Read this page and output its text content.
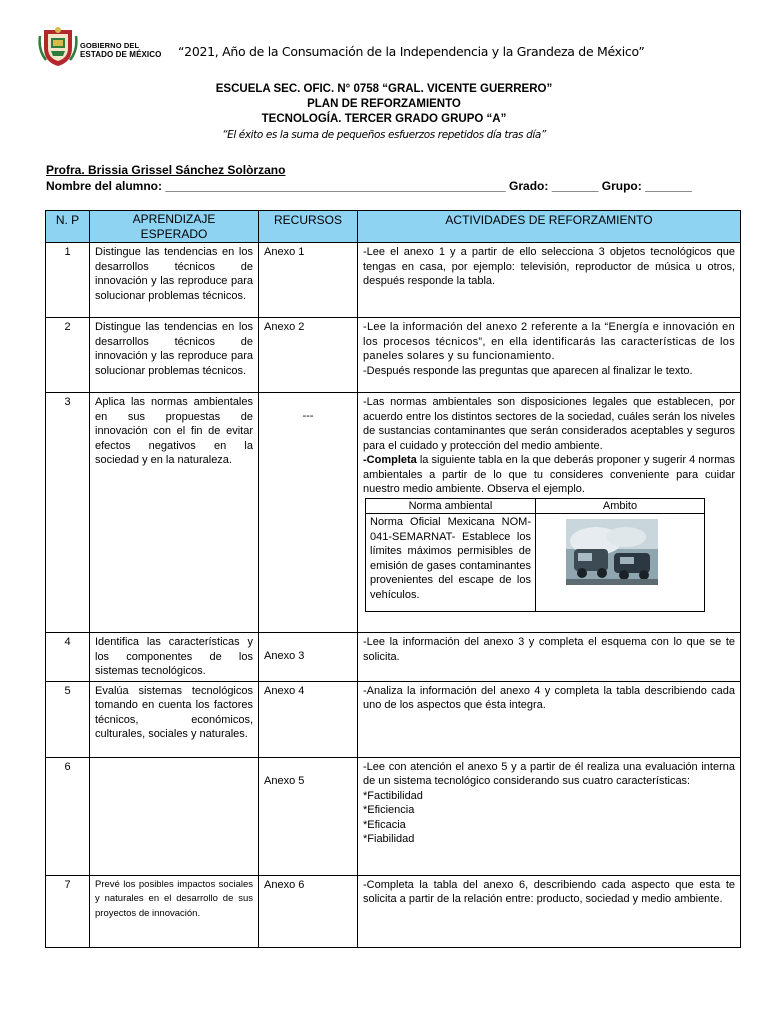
GOBIERNO DEL
ESTADO DE MÉXICO “2021, Año de la Consumación de la Independencia y la Grandeza de México”
ESCUELA SEC. OFIC. N° 0758 “GRAL. VICENTE GUERRERO”
PLAN DE REFORZAMIENTO
TECNOLOGÍA. TERCER GRADO GRUPO “A”
“El éxito es la suma de pequeños esfuerzos repetidos día tras día”
Profra. Brissia Grissel Sánchez Solòrzano
Nombre del alumno: ___________________________________________________ Grado: _______ Grupo: _______
N. P	APRENDIZAJE ESPERADO	RECURSOS	ACTIVIDADES DE REFORZAMIENTO
1	Distingue las tendencias en los desarrollos técnicos de innovación y las reproduce para solucionar problemas técnicos.	Anexo 1	-Lee el anexo 1 y a partir de ello selecciona 3 objetos tecnológicos que tengas en casa, por ejemplo: televisión, reproductor de música u otros, después responde la tabla.
2	Distingue las tendencias en los desarrollos técnicos de innovación y las reproduce para solucionar problemas técnicos.	Anexo 2	-Lee la información del anexo 2 referente a la “Energía e innovación en los procesos técnicos”, en ella identificarás las características de los paneles solares y su funcionamiento.
-Después responde las preguntas que aparecen al finalizar le texto.
3	Aplica las normas ambientales en sus propuestas de innovación con el fin de evitar efectos negativos en la sociedad y en la naturaleza.	---	
-Las normas ambientales son disposiciones legales que establecen, por acuerdo entre los distintos sectores de la sociedad, cuáles serán los niveles de sustancias contaminantes que serán considerados aceptables y seguros para el cuidado y protección del medio ambiente.
-Completa la siguiente tabla en la que deberás proponer y sugerir 4 normas ambientales a partir de lo que tu consideres conveniente para cuidar nuestro medio ambiente. Observa el ejemplo.
Norma ambiental	Ambito
Norma Oficial Mexicana NOM-041-SEMARNAT- Establece los límites máximos permisibles de emisión de gases contaminantes provenientes del escape de los vehículos.	

4	Identifica las características y los componentes de los sistemas tecnológicos.	Anexo 3	-Lee la información del anexo 3 y completa el esquema con lo que se te solicita.
5	Evalúa sistemas tecnológicos tomando en cuenta los factores técnicos, económicos, culturales, sociales y naturales.	Anexo 4	-Analiza la información del anexo 4 y completa la tabla describiendo cada uno de los aspectos que ésta integra.
6		Anexo 5	
-Lee con atención el anexo 5 y a partir de él realiza una evaluación interna de un sistema tecnológico considerando sus cuatro características:
*Factibilidad
*Eficiencia
*Eficacia
*Fiabilidad

7	Prevé los posibles impactos sociales y naturales en el desarrollo de sus proyectos de innovación.	Anexo 6	-Completa la tabla del anexo 6, describiendo cada aspecto que esta te solicita a partir de la relación entre: producto, sociedad y medio ambiente.
